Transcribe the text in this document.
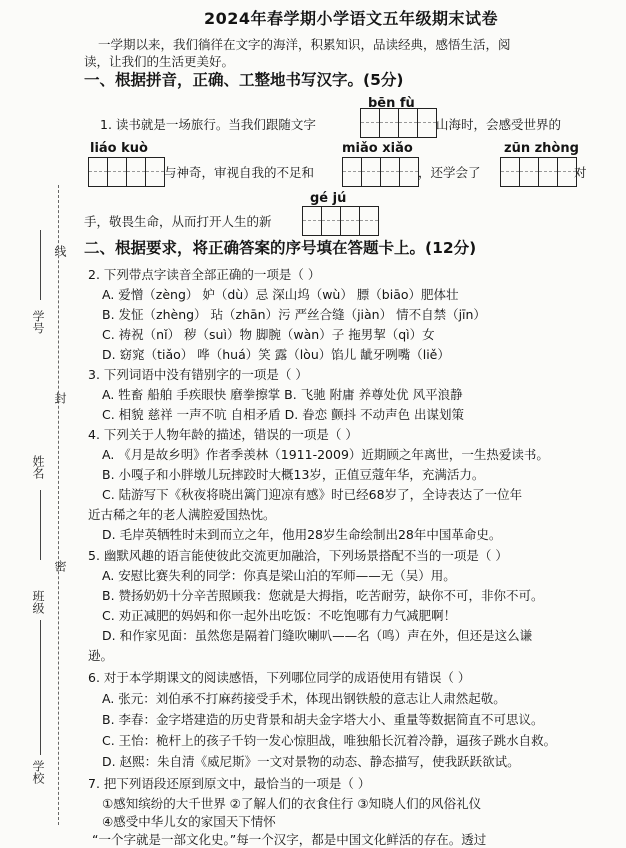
线
学号
封
姓名
密
班级
学校
2024年春学期小学语文五年级期末试卷
一学期以来，我们徜徉在文字的海洋，积累知识，品读经典，感悟生活，阅
读，让我们的生活更美好。
一、根据拼音，正确、工整地书写汉字。(5分)
bēn fù
1. 读书就是一场旅行。当我们跟随文字	山海时，会感受世界的
liáo kuò	miǎo xiǎo	zūn zhòng
与神奇，审视自我的不足和	，还学会了	对
gé jú
手，敬畏生命，从而打开人生的新
二、根据要求，将正确答案的序号填在答题卡上。(12分)
2. 下列带点字读音全部正确的一项是（ ）
A. 爱憎（zèng） 妒（dù）忌 深山坞（wù） 膘（biāo）肥体壮
B. 发怔（zhèng） 玷（zhān）污 严丝合缝（jiàn） 情不自禁（jīn）
C. 祷祝（nǐ） 秽（suì）物 脚腕（wàn）子 拖男挈（qì）女
D. 窈窕（tiǎo） 哗（huá）笑 露（lòu）馅儿 龇牙咧嘴（liě）
3. 下列词语中没有错别字的一项是（ ）
A. 牲畜 船舶 手疾眼快 磨拳擦掌 B. 飞驰 附庸 养尊处优 风平浪静
C. 相貌 慈祥 一声不吭 自相矛盾 D. 眷恋 颤抖 不动声色 出谋划策
4. 下列关于人物年龄的描述，错误的一项是（ ）
A. 《月是故乡明》作者季羡林（1911-2009）近期顾之年离世，一生热爱读书。
B. 小嘎子和小胖墩儿玩摔跤时大概13岁，正值豆蔻年华，充满活力。
C. 陆游写下《秋夜将晓出篱门迎凉有感》时已经68岁了，全诗表达了一位年
近古稀之年的老人满腔爱国热忱。
D. 毛岸英牺牲时未到而立之年，他用28岁生命绘制出28年中国革命史。
5. 幽默风趣的语言能使彼此交流更加融洽，下列场景搭配不当的一项是（ ）
A. 安慰比赛失利的同学：你真是梁山泊的军师——无（吴）用。
B. 赞扬奶奶十分辛苦照顾我：您就是大拇指，吃苦耐劳，缺你不可，非你不可。
C. 劝正减肥的妈妈和你一起外出吃饭：不吃饱哪有力气减肥啊！
D. 和作家见面：虽然您是隔着门缝吹喇叭——名（鸣）声在外，但还是这么谦
逊。
6. 对于本学期课文的阅读感悟，下列哪位同学的成语使用有错误（ ）
A. 张元：刘伯承不打麻药接受手术，体现出钢铁般的意志让人肃然起敬。
B. 李春：金字塔建造的历史背景和胡夫金字塔大小、重量等数据简直不可思议。
C. 王怡：桅杆上的孩子千钧一发心惊胆战，唯独船长沉着冷静，逼孩子跳水自救。
D. 赵熙：朱自清《威尼斯》一文对景物的动态、静态描写，使我跃跃欲试。
7. 把下列语段还原到原文中，最恰当的一项是（ ）
①感知缤纷的大千世界 ②了解人们的衣食住行 ③知晓人们的风俗礼仪
④感受中华儿女的家国天下情怀
“一个字就是一部文化史。”每一个汉字，都是中国文化鲜活的存在。透过
